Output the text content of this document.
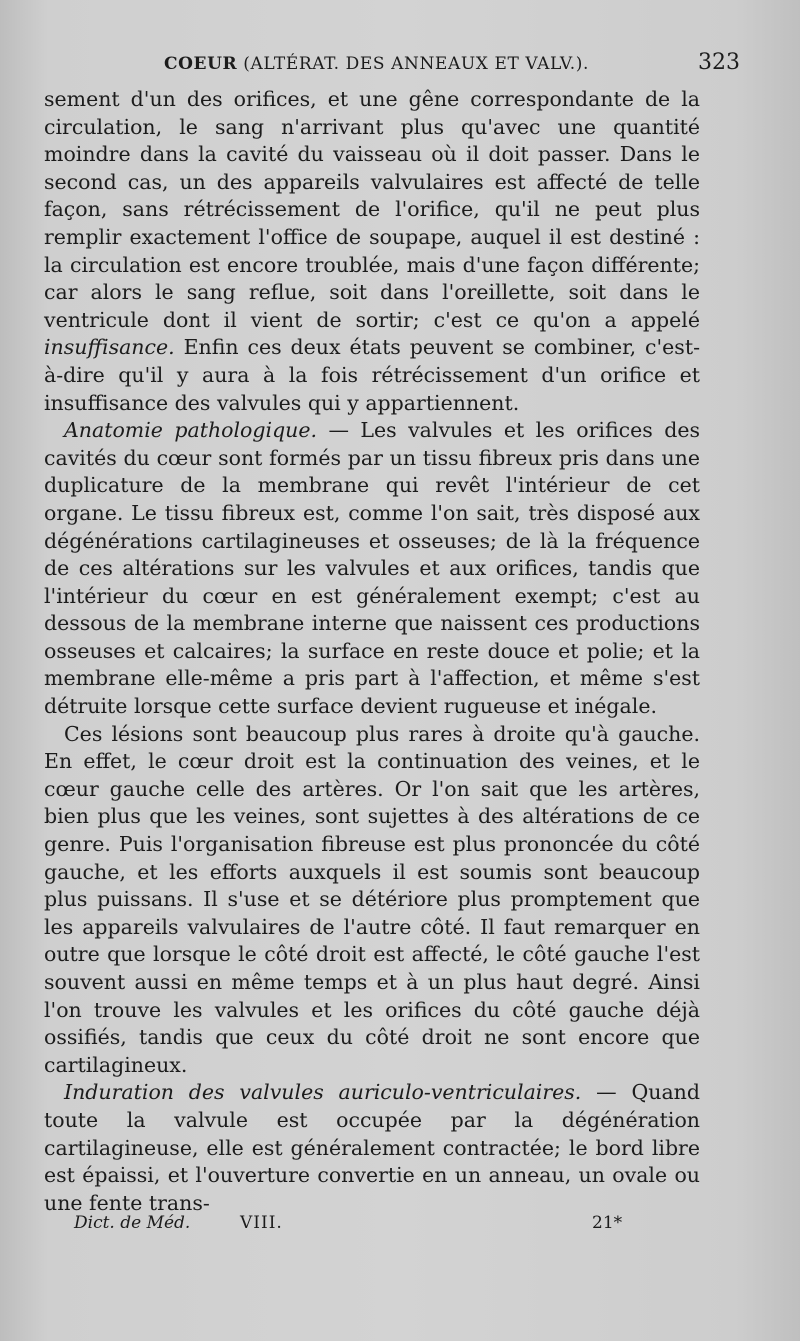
COEUR (ALTÉRAT. DES ANNEAUX ET VALV.).	323

sement d'un des orifices, et une gêne correspondante de la circulation, le sang n'arrivant plus qu'avec une quantité moindre dans la cavité du vaisseau où il doit passer. Dans le second cas, un des appareils valvulaires est affecté de telle façon, sans rétrécissement de l'orifice, qu'il ne peut plus remplir exactement l'office de soupape, auquel il est destiné : la circulation est encore troublée, mais d'une façon différente; car alors le sang reflue, soit dans l'oreillette, soit dans le ventricule dont il vient de sortir; c'est ce qu'on a appelé insuffisance. Enfin ces deux états peuvent se combiner, c'est-à-dire qu'il y aura à la fois rétrécissement d'un orifice et insuffisance des valvules qui y appartiennent.

Anatomie pathologique. — Les valvules et les orifices des cavités du cœur sont formés par un tissu fibreux pris dans une duplicature de la membrane qui revêt l'intérieur de cet organe. Le tissu fibreux est, comme l'on sait, très disposé aux dégénérations cartilagineuses et osseuses; de là la fréquence de ces altérations sur les valvules et aux orifices, tandis que l'intérieur du cœur en est généralement exempt; c'est au dessous de la membrane interne que naissent ces productions osseuses et calcaires; la surface en reste douce et polie; et la membrane elle-même a pris part à l'affection, et même s'est détruite lorsque cette surface devient rugueuse et inégale.

Ces lésions sont beaucoup plus rares à droite qu'à gauche. En effet, le cœur droit est la continuation des veines, et le cœur gauche celle des artères. Or l'on sait que les artères, bien plus que les veines, sont sujettes à des altérations de ce genre. Puis l'organisation fibreuse est plus prononcée du côté gauche, et les efforts auxquels il est soumis sont beaucoup plus puissans. Il s'use et se détériore plus promptement que les appareils valvulaires de l'autre côté. Il faut remarquer en outre que lorsque le côté droit est affecté, le côté gauche l'est souvent aussi en même temps et à un plus haut degré. Ainsi l'on trouve les valvules et les orifices du côté gauche déjà ossifiés, tandis que ceux du côté droit ne sont encore que cartilagineux.

Induration des valvules auriculo-ventriculaires. — Quand toute la valvule est occupée par la dégénération cartilagineuse, elle est généralement contractée; le bord libre est épaissi, et l'ouverture convertie en un anneau, un ovale ou une fente trans-

Dict. de Méd.	VIII.	21*
